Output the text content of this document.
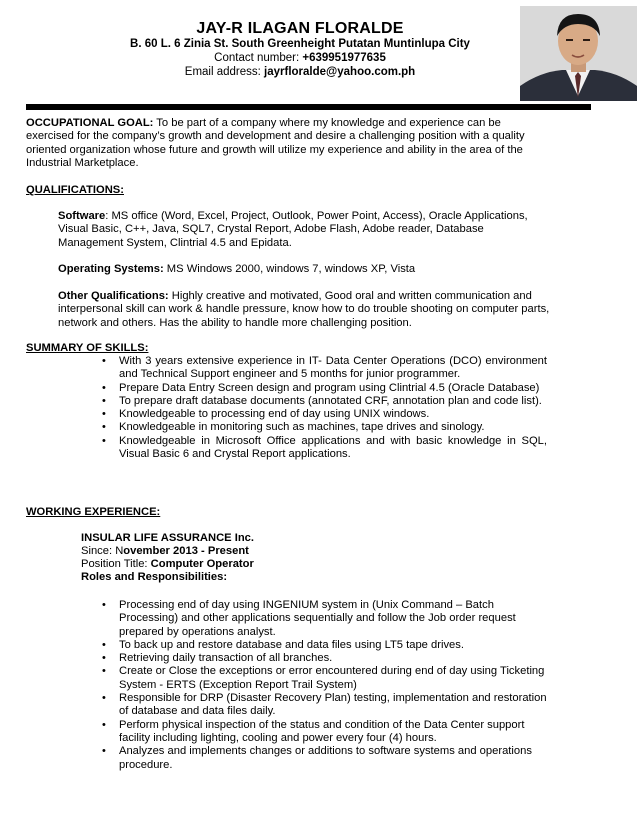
JAY-R ILAGAN FLORALDE
B. 60 L. 6 Zinia St. South Greenheight Putatan Muntinlupa City
Contact number: +639951977635
Email address: jayrfloralde@yahoo.com.ph
OCCUPATIONAL GOAL: To be part of a company where my knowledge and experience can be exercised for the company’s growth and development and desire a challenging position with a quality oriented organization whose future and growth will utilize my experience and ability in the area of the Industrial Marketplace.
QUALIFICATIONS:
Software: MS office (Word, Excel, Project, Outlook, Power Point, Access), Oracle Applications, Visual Basic, C++, Java, SQL7, Crystal Report, Adobe Flash, Adobe reader, Database Management System, Clintrial 4.5 and Epidata.
Operating Systems: MS Windows 2000, windows 7, windows XP, Vista
Other Qualifications: Highly creative and motivated, Good oral and written communication and interpersonal skill can work & handle pressure, know how to do trouble shooting on computer parts, network and others. Has the ability to handle more challenging position.
SUMMARY OF SKILLS:
• With 3 years extensive experience in IT- Data Center Operations (DCO) environment and Technical Support engineer and 5 months for junior programmer.
• Prepare Data Entry Screen design and program using Clintrial 4.5 (Oracle Database)
• To prepare draft database documents (annotated CRF, annotation plan and code list).
• Knowledgeable to processing end of day using UNIX windows.
• Knowledgeable in monitoring such as machines, tape drives and sinology.
• Knowledgeable in Microsoft Office applications and with basic knowledge in SQL, Visual Basic 6 and Crystal Report applications.
WORKING EXPERIENCE:
INSULAR LIFE ASSURANCE Inc.
Since: November 2013 - Present
Position Title: Computer Operator
Roles and Responsibilities:
• Processing end of day using INGENIUM system in (Unix Command – Batch Processing) and other applications sequentially and follow the Job order request prepared by operations analyst.
• To back up and restore database and data files using LT5 tape drives.
• Retrieving daily transaction of all branches.
• Create or Close the exceptions or error encountered during end of day using Ticketing System - ERTS (Exception Report Trail System)
• Responsible for DRP (Disaster Recovery Plan) testing, implementation and restoration of database and data files daily.
• Perform physical inspection of the status and condition of the Data Center support facility including lighting, cooling and power every four (4) hours.
• Analyzes and implements changes or additions to software systems and operations procedure.
